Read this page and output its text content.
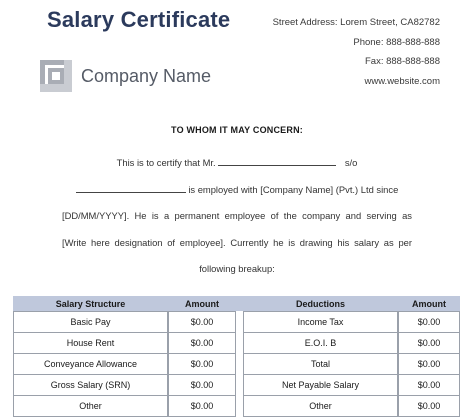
Salary Certificate	Street Address: Lorem Street, CA82782
Phone: 888-888-888
Fax: 888-888-888
www.website.com
Company Name
TO WHOM IT MAY CONCERN:
This is to certify that Mr.	s/o
is employed with [Company Name] (Pvt.) Ltd since
[DD/MM/YYYY]. He is a permanent employee of the company and serving as
[Write here designation of employee]. Currently he is drawing his salary as per
following breakup:
Salary Structure	Amount		Deductions	Amount
Basic Pay	$0.00		Income Tax	$0.00
House Rent	$0.00		E.O.I. B	$0.00
Conveyance Allowance	$0.00		Total	$0.00
Gross Salary (SRN)	$0.00		Net Payable Salary	$0.00
Other	$0.00		Other	$0.00
